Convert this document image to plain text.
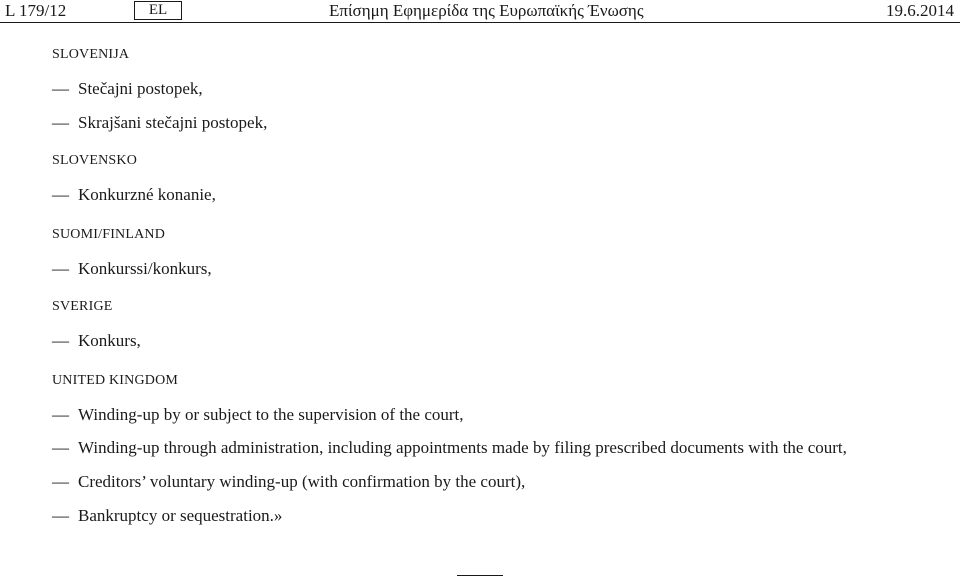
L 179/12	EL	Επίσημη Εφημερίδα της Ευρωπαϊκής Ένωσης	19.6.2014
SLOVENIJA
— Stečajni postopek,
— Skrajšani stečajni postopek,
SLOVENSKO
— Konkurzné konanie,
SUOMI/FINLAND
— Konkurssi/konkurs,
SVERIGE
— Konkurs,
UNITED KINGDOM
— Winding-up by or subject to the supervision of the court,
— Winding-up through administration, including appointments made by filing prescribed documents with the court,
— Creditors’ voluntary winding-up (with confirmation by the court),
— Bankruptcy or sequestration.»
